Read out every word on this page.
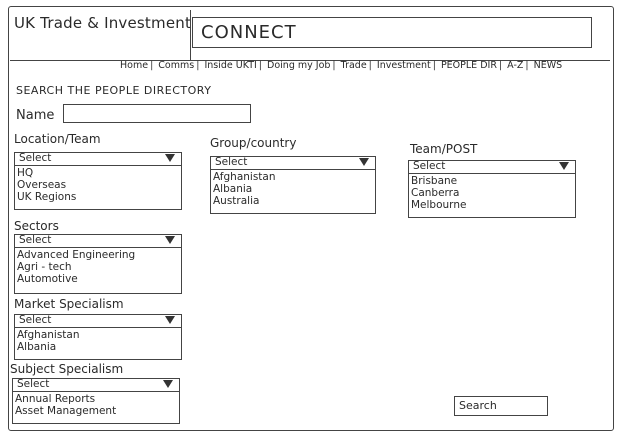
UK Trade & Investment CONNECT
Home | Comms | Inside UKTI | Doing my Job | Trade | Investment | PEOPLE DIR | A-Z | NEWS
SEARCH THE PEOPLE DIRECTORY
Name
Location/Team
Select
HQ
Overseas
UK Regions
Group/country
Select
Afghanistan
Albania
Australia
Team/POST
Select
Brisbane
Canberra
Melbourne
Sectors
Select
Advanced Engineering
Agri - tech
Automotive
Market Specialism
Select
Afghanistan
Albania
Subject Specialism
Select
Annual Reports
Asset Management	Search
